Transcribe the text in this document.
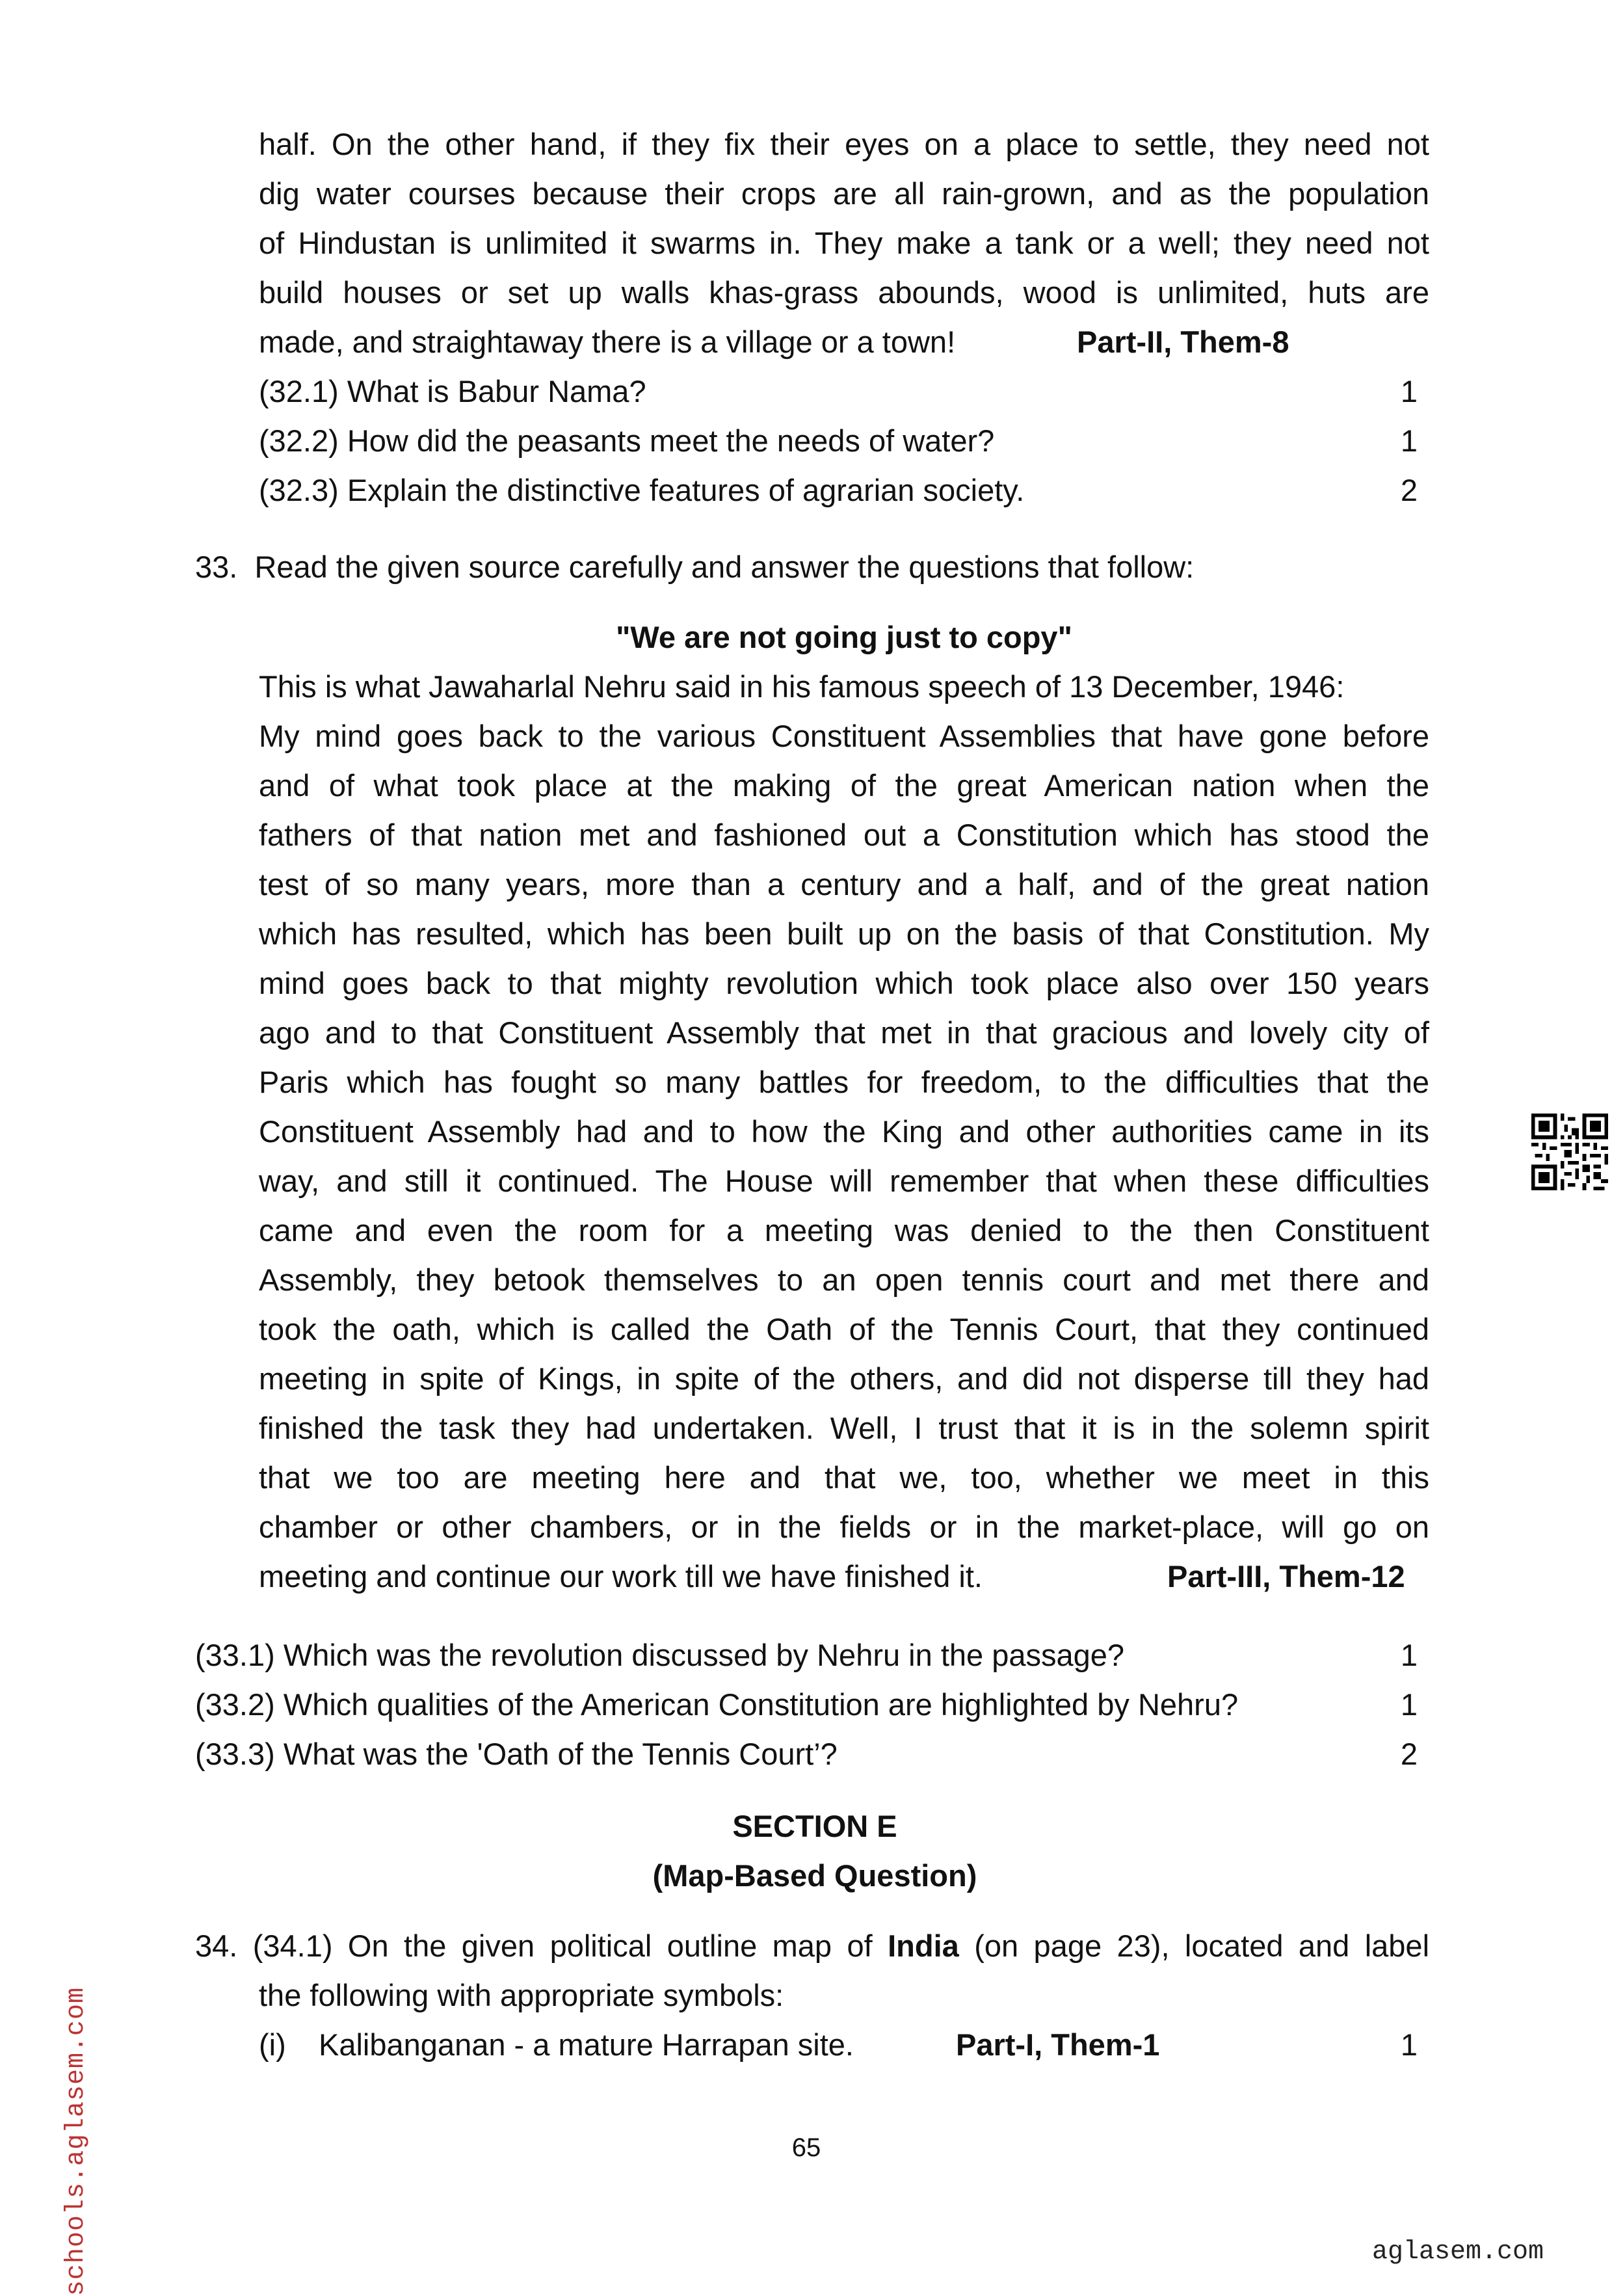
half. On the other hand, if they fix their eyes on a place to settle, they need not
dig water courses because their crops are all rain-grown, and as the population
of Hindustan is unlimited it swarms in. They make a tank or a well; they need not
build houses or set up walls khas-grass abounds, wood is unlimited, huts are
made, and straightaway there is a village or a town!	Part-II, Them-8
(32.1) What is Babur Nama?	1
(32.2) How did the peasants meet the needs of water?	1
(32.3) Explain the distinctive features of agrarian society.	2
33.  Read the given source carefully and answer the questions that follow:
"We are not going just to copy"
This is what Jawaharlal Nehru said in his famous speech of 13 December, 1946:
My mind goes back to the various Constituent Assemblies that have gone before
and of what took place at the making of the great American nation when the
fathers of that nation met and fashioned out a Constitution which has stood the
test of so many years, more than a century and a half, and of the great nation
which has resulted, which has been built up on the basis of that Constitution. My
mind goes back to that mighty revolution which took place also over 150 years
ago and to that Constituent Assembly that met in that gracious and lovely city of
Paris which has fought so many battles for freedom, to the difficulties that the
Constituent Assembly had and to how the King and other authorities came in its
way, and still it continued. The House will remember that when these difficulties
came and even the room for a meeting was denied to the then Constituent
Assembly, they betook themselves to an open tennis court and met there and
took the oath, which is called the Oath of the Tennis Court, that they continued
meeting in spite of Kings, in spite of the others, and did not disperse till they had
finished the task they had undertaken. Well, I trust that it is in the solemn spirit
that we too are meeting here and that we, too, whether we meet in this
chamber or other chambers, or in the fields or in the market-place, will go on
meeting and continue our work till we have finished it.	Part-III, Them-12
(33.1) Which was the revolution discussed by Nehru in the passage?	1
(33.2) Which qualities of the American Constitution are highlighted by Nehru?	1
(33.3) What was the 'Oath of the Tennis Court’?	2
SECTION E
(Map-Based Question)
34. (34.1) On the given political outline map of India (on page 23), located and label
the following with appropriate symbols:
(i) Kalibanganan - a mature Harrapan site.	Part-I, Them-1	1
65
schools.aglasem.com	aglasem.com
